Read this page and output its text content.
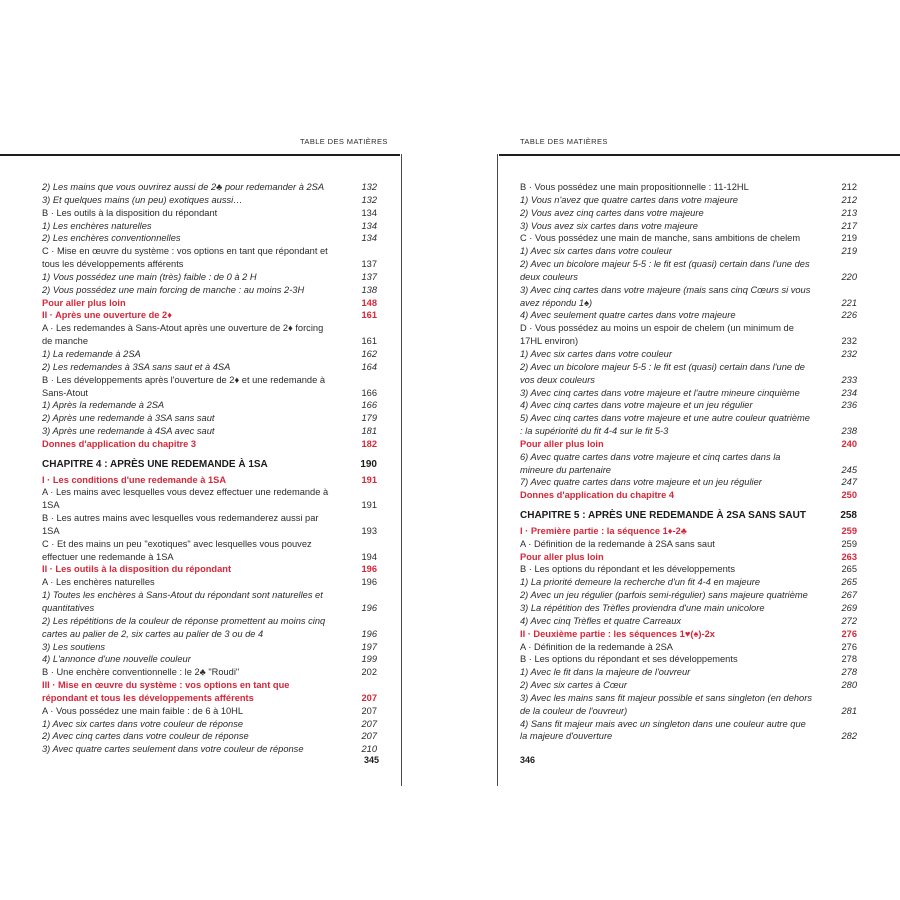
TABLE DES MATIÈRES
2) Les mains que vous ouvrirez aussi de 2♣ pour redemander à 2SA	132
3) Et quelques mains (un peu) exotiques aussi…	132
B · Les outils à la disposition du répondant	134
1) Les enchères naturelles	134
2) Les enchères conventionnelles	134
C · Mise en œuvre du système : vos options en tant que répondant et tous les développements afférents	137
1) Vous possédez une main (très) faible : de 0 à 2 H	137
2) Vous possédez une main forcing de manche : au moins 2-3H	138
Pour aller plus loin	148
II · Après une ouverture de 2♦	161
A · Les redemandes à Sans-Atout après une ouverture de 2♦ forcing de manche	161
1) La redemande à 2SA	162
2) Les redemandes à 3SA sans saut et à 4SA	164
B · Les développements après l'ouverture de 2♦ et une redemande à Sans-Atout	166
1) Après la redemande à 2SA	166
2) Après une redemande à 3SA sans saut	179
3) Après une redemande à 4SA avec saut	181
Donnes d'application du chapitre 3	182
CHAPITRE 4 : APRÈS UNE REDEMANDE À 1SA	190
I · Les conditions d'une redemande à 1SA	191
A · Les mains avec lesquelles vous devez effectuer une redemande à 1SA	191
B · Les autres mains avec lesquelles vous redemanderez aussi par 1SA	193
C · Et des mains un peu "exotiques" avec lesquelles vous pouvez effectuer une redemande à 1SA	194
II · Les outils à la disposition du répondant	196
A · Les enchères naturelles	196
1) Toutes les enchères à Sans-Atout du répondant sont naturelles et quantitatives	196
2) Les répétitions de la couleur de réponse promettent au moins cinq cartes au palier de 2, six cartes au palier de 3 ou de 4	196
3) Les soutiens	197
4) L'annonce d'une nouvelle couleur	199
B · Une enchère conventionnelle : le 2♣ "Roudi"	202
III · Mise en œuvre du système : vos options en tant que répondant et tous les développements afférents	207
A · Vous possédez une main faible : de 6 à 10HL	207
1) Avec six cartes dans votre couleur de réponse	207
2) Avec cinq cartes dans votre couleur de réponse	207
3) Avec quatre cartes seulement dans votre couleur de réponse	210
345
TABLE DES MATIÈRES
B · Vous possédez une main propositionnelle : 11-12HL	212
1) Vous n'avez que quatre cartes dans votre majeure	212
2) Vous avez cinq cartes dans votre majeure	213
3) Vous avez six cartes dans votre majeure	217
C · Vous possédez une main de manche, sans ambitions de chelem	219
1) Avec six cartes dans votre couleur	219
2) Avec un bicolore majeur 5-5 : le fit est (quasi) certain dans l'une des deux couleurs	220
3) Avec cinq cartes dans votre majeure (mais sans cinq Cœurs si vous avez répondu 1♠)	221
4) Avec seulement quatre cartes dans votre majeure	226
D · Vous possédez au moins un espoir de chelem (un minimum de 17HL environ)	232
1) Avec six cartes dans votre couleur	232
2) Avec un bicolore majeur 5-5 : le fit est (quasi) certain dans l'une de vos deux couleurs	233
3) Avec cinq cartes dans votre majeure et l'autre mineure cinquième	234
4) Avec cinq cartes dans votre majeure et un jeu régulier	236
5) Avec cinq cartes dans votre majeure et une autre couleur quatrième : la supériorité du fit 4-4 sur le fit 5-3	238
Pour aller plus loin	240
6) Avec quatre cartes dans votre majeure et cinq cartes dans la mineure du partenaire	245
7) Avec quatre cartes dans votre majeure et un jeu régulier	247
Donnes d'application du chapitre 4	250
CHAPITRE 5 : APRÈS UNE REDEMANDE À 2SA SANS SAUT	258
I · Première partie : la séquence 1♦-2♣	259
A · Définition de la redemande à 2SA sans saut	259
Pour aller plus loin	263
B · Les options du répondant et les développements	265
1) La priorité demeure la recherche d'un fit 4-4 en majeure	265
2) Avec un jeu régulier (parfois semi-régulier) sans majeure quatrième	267
3) La répétition des Trèfles proviendra d'une main unicolore	269
4) Avec cinq Trèfles et quatre Carreaux	272
II · Deuxième partie : les séquences 1♥(♠)-2x	276
A · Définition de la redemande à 2SA	276
B · Les options du répondant et ses développements	278
1) Avec le fit dans la majeure de l'ouvreur	278
2) Avec six cartes à Cœur	280
3) Avec les mains sans fit majeur possible et sans singleton (en dehors de la couleur de l'ouvreur)	281
4) Sans fit majeur mais avec un singleton dans une couleur autre que la majeure d'ouverture	282
346
